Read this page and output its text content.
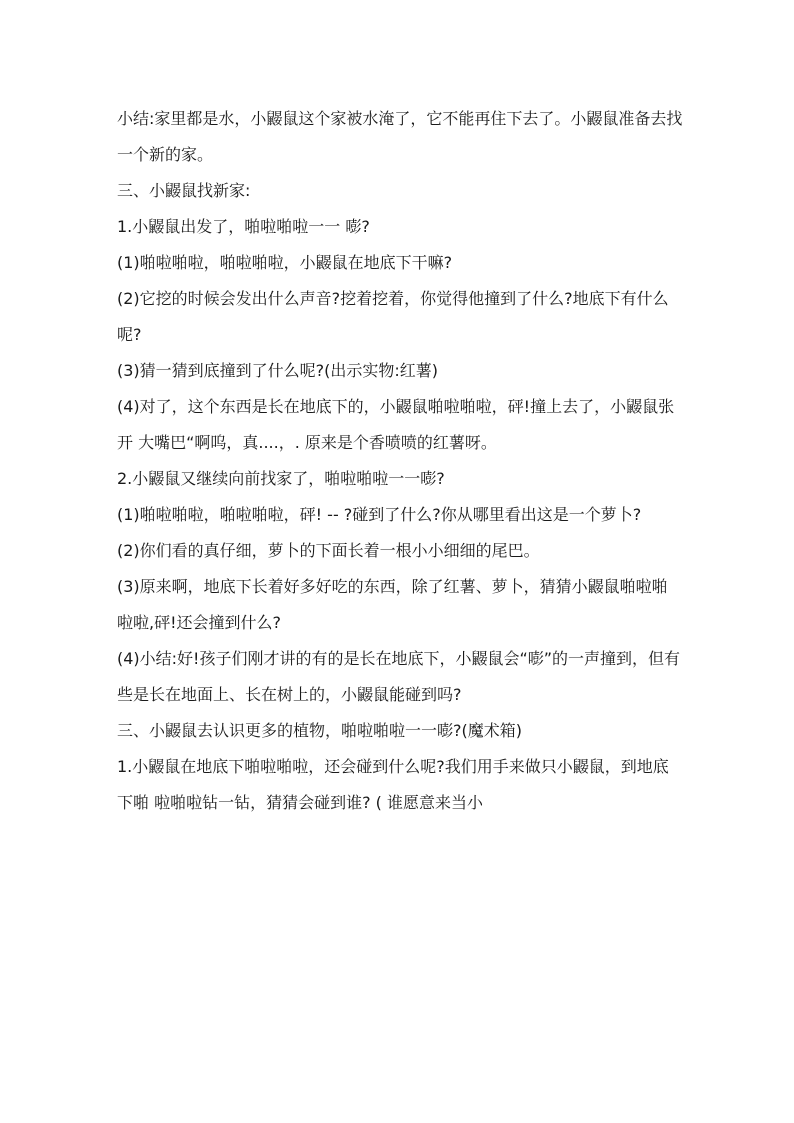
小结:家里都是水，小鼹鼠这个家被水淹了，它不能再住下去了。小鼹鼠准备去找一个新的家。

三、小鼹鼠找新家:

1.小鼹鼠出发了，啪啦啪啦一一 嘭?

(1)啪啦啪啦，啪啦啪啦，小鼹鼠在地底下干嘛?

(2)它挖的时候会发出什么声音?挖着挖着，你觉得他撞到了什么?地底下有什么呢?

(3)猜一猜到底撞到了什么呢?(出示实物:红薯)

(4)对了，这个东西是长在地底下的，小鼹鼠啪啦啪啦，砰!撞上去了，小鼹鼠张开 大嘴巴“啊呜，真....，. 原来是个香喷喷的红薯呀。

2.小鼹鼠又继续向前找家了，啪啦啪啦一一嘭?

(1)啪啦啪啦，啪啦啪啦，砰! -- ?碰到了什么?你从哪里看出这是一个萝卜?

(2)你们看的真仔细，萝卜的下面长着一根小小细细的尾巴。

(3)原来啊，地底下长着好多好吃的东西，除了红薯、萝卜，猜猜小鼹鼠啪啦啪啦啦,砰!还会撞到什么?

(4)小结:好!孩子们刚才讲的有的是长在地底下，小鼹鼠会“嘭”的一声撞到，但有些是长在地面上、长在树上的，小鼹鼠能碰到吗?

三、小鼹鼠去认识更多的植物，啪啦啪啦一一嘭?(魔术箱)

1.小鼹鼠在地底下啪啦啪啦，还会碰到什么呢?我们用手来做只小鼹鼠，到地底下啪 啦啪啦钻一钻，猜猜会碰到谁? ( 谁愿意来当小
